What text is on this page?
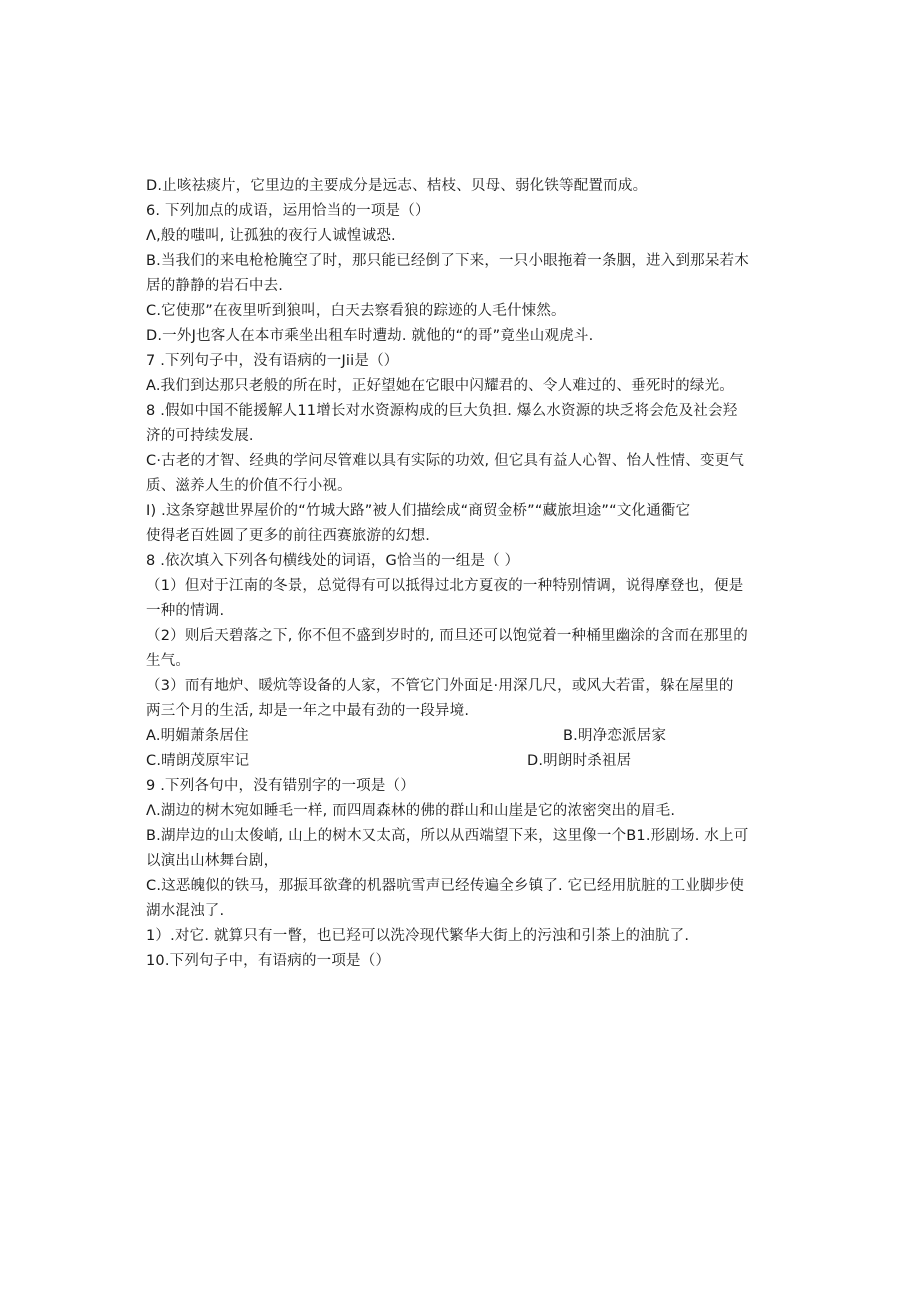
D.止咳祛痰片，它里边的主要成分是远志、桔枝、贝母、弱化铁等配置而成。
6. 下列加点的成语，运用恰当的一项是（）
Λ,般的嗤叫, 让孤独的夜行人诚惶诚恐.
B.当我们的来电枪枪腌空了时，那只能已经倒了下来，一只小眼拖着一条胭，进入到那呆若木
居的静静的岩石中去.
C.它使那”在夜里听到狼叫，白天去察看狼的踪迹的人毛什悚然。
D.一外J也客人在本市乘坐出租车时遭劫. 就他的“的哥”竟坐山观虎斗.
7 .下列句子中，没有语病的一Jii是（）
A.我们到达那只老般的所在时，正好望她在它眼中闪耀君的、令人难过的、垂死时的绿光。
8 .假如中国不能援解人11增长对水资源构成的巨大负担. 爆么水资源的块乏将会危及社会羟
济的可持续发展.
C·古老的才智、经典的学问尽管难以具有实际的功效, 但它具有益人心智、怡人性情、变更气
质、滋养人生的价值不行小视。
I) .这条穿越世界屋价的“竹城大路”被人们描绘成“商贸金桥”“藏旅坦途”“文化通衢它
使得老百姓圆了更多的前往西赛旅游的幻想.
8 .依次填入下列各句横线处的词语，G恰当的一组是（ ）
（1）但对于江南的冬景，总觉得有可以抵得过北方夏夜的一种特别情调，说得摩登也，便是
一种的情调.
（2）则后天碧落之下, 你不但不盛到岁时的, 而旦还可以饱觉着一种桶里幽涂的含而在那里的
生气。
（3）而有地炉、暖炕等设备的人家，不管它门外面足·用深几尺，或风大若雷，躲在屋里的
两三个月的生活, 却是一年之中最有劲的一段异境.
A.明媚萧条居住	B.明净恋派居家
C.晴朗茂原牢记	D.明朗时杀祖居
9 .下列各句中，没有错别字的一项是（）
Λ.湖边的树木宛如睡毛一样, 而四周森林的佛的群山和山崖是它的浓密突出的眉毛.
B.湖岸边的山太俊峭, 山上的树木又太高，所以从西端望下来，这里像一个B1.形剧场. 水上可
以演出山林舞台剧，
C.这恶魄似的铁马，那振耳欲聋的机器吭雪声已经传遍全乡镇了. 它已经用肮脏的工业脚步使
湖水混浊了.
1）.对它. 就算只有一瞥，也已羟可以洗冷现代繁华大街上的污浊和引茶上的油肮了.
10.下列句子中，有语病的一项是（）
